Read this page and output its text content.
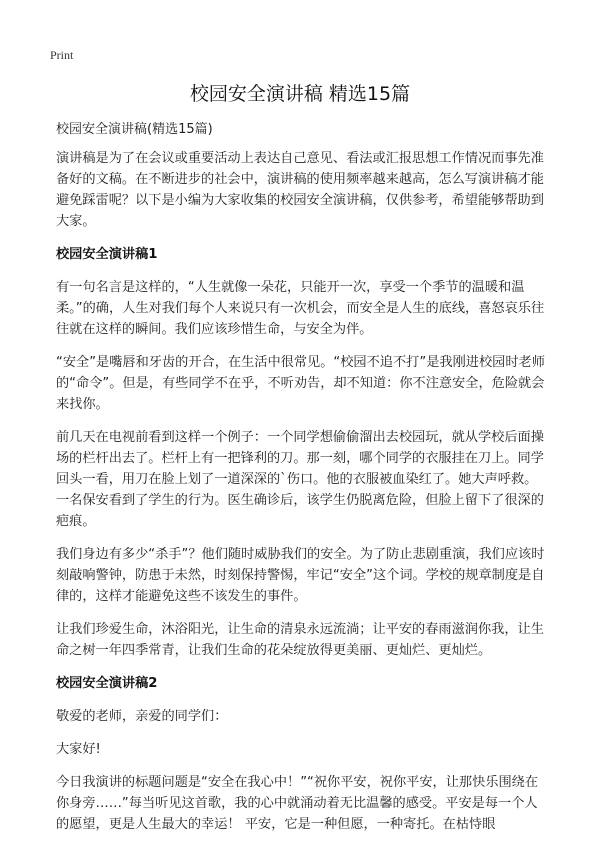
Print
校园安全演讲稿 精选15篇
校园安全演讲稿(精选15篇)

演讲稿是为了在会议或重要活动上表达自己意见、看法或汇报思想工作情况而事先准备好的文稿。在不断进步的社会中，演讲稿的使用频率越来越高，怎么写演讲稿才能避免踩雷呢？以下是小编为大家收集的校园安全演讲稿，仅供参考，希望能够帮助到大家。

校园安全演讲稿1

有一句名言是这样的，“人生就像一朵花，只能开一次，享受一个季节的温暖和温柔。”的确，人生对我们每个人来说只有一次机会，而安全是人生的底线，喜怒哀乐往往就在这样的瞬间。我们应该珍惜生命，与安全为伴。

“安全”是嘴唇和牙齿的开合，在生活中很常见。“校园不追不打”是我刚进校园时老师的“命令”。但是，有些同学不在乎，不听劝告，却不知道：你不注意安全，危险就会来找你。

前几天在电视前看到这样一个例子：一个同学想偷偷溜出去校园玩，就从学校后面操场的栏杆出去了。栏杆上有一把锋利的刀。那一刻，哪个同学的衣服挂在刀上。同学回头一看，用刀在脸上划了一道深深的`伤口。他的衣服被血染红了。她大声呼救。一名保安看到了学生的行为。医生确诊后，该学生仍脱离危险，但脸上留下了很深的疤痕。

我们身边有多少“杀手”？他们随时威胁我们的安全。为了防止悲剧重演，我们应该时刻敲响警钟，防患于未然，时刻保持警惕，牢记“安全”这个词。学校的规章制度是自律的，这样才能避免这些不该发生的事件。

让我们珍爱生命，沐浴阳光，让生命的清泉永远流淌；让平安的春雨滋润你我，让生命之树一年四季常青，让我们生命的花朵绽放得更美丽、更灿烂、更灿烂。

校园安全演讲稿2

敬爱的老师，亲爱的同学们：

大家好!

今日我演讲的标题问题是“安全在我心中！”“祝你平安，祝你平安，让那快乐围绕在你身旁……”每当听见这首歌，我的心中就涌动着无比温馨的感受。平安是每一个人的愿望，更是人生最大的幸运！ 平安，它是一种但愿，一种寄托。在枯恃眼
